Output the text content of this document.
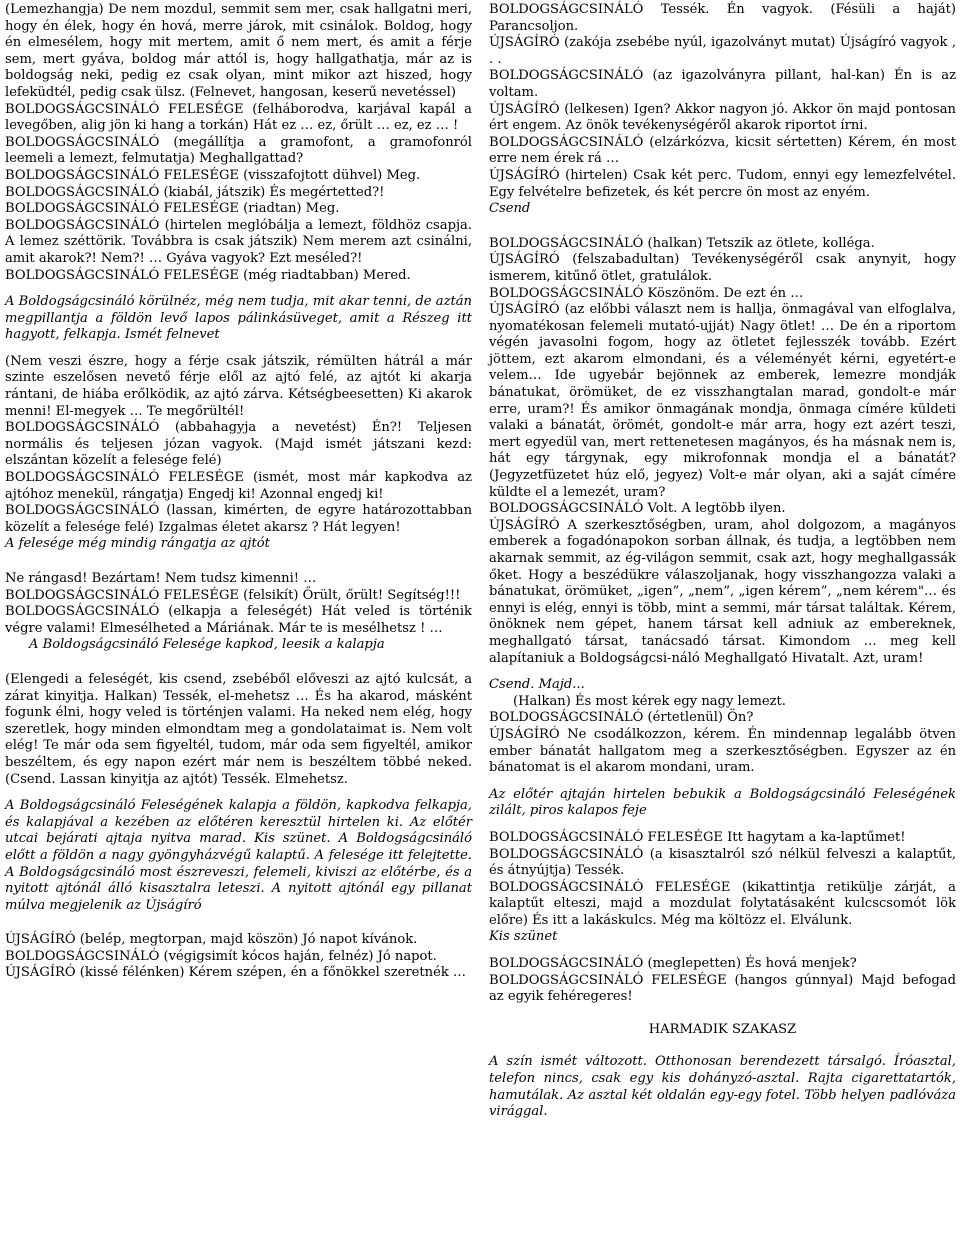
(Lemezhangja) De nem mozdul, semmit sem mer, csak hallgatni meri, hogy én élek, hogy én hová, merre járok, mit csinálok. Boldog, hogy én elmesélem, hogy mit mertem, amit ő nem mert, és amit a férje sem, mert gyáva, boldog már attól is, hogy hallgathatja, már az is boldogság neki, pedig ez csak olyan, mint mikor azt hiszed, hogy lefeküdtél, pedig csak ülsz. (Felnevet, hangosan, keserű nevetéssel)

BOLDOGSÁGCSINÁLÓ FELESÉGE (felháborodva, karjával kapál a levegőben, alig jön ki hang a torkán) Hát ez … ez, őrült … ez, ez … !

BOLDOGSÁGCSINÁLÓ (megállítja a gramofont, a gramofonról leemeli a lemezt, felmutatja) Meghallgattad?

BOLDOGSÁGCSINÁLÓ FELESÉGE (visszafojtott dühvel) Meg.

BOLDOGSÁGCSINÁLÓ (kiabál, játszik) És megértetted?!

BOLDOGSÁGCSINÁLÓ FELESÉGE (riadtan) Meg.

BOLDOGSÁGCSINÁLÓ (hirtelen meglóbálja a lemezt, földhöz csapja. A lemez széttörik. Továbbra is csak játszik) Nem merem azt csinálni, amit akarok?! Nem?! … Gyáva vagyok? Ezt meséled?!

BOLDOGSÁGCSINÁLÓ FELESÉGE (még riadtabban) Mered.

A Boldogságcsináló körülnéz, még nem tudja, mit akar tenni, de aztán megpillantja a földön levő lapos pálinkásüveget, amit a Részeg itt hagyott, felkapja. Ismét felnevet

(Nem veszi észre, hogy a férje csak játszik, rémülten hátrál a már szinte eszelősen nevető férje elől az ajtó felé, az ajtót ki akarja rántani, de hiába erőlködik, az ajtó zárva. Kétségbeesetten) Ki akarok menni! El-megyek … Te megőrültél!

BOLDOGSÁGCSINÁLÓ (abbahagyja a nevetést) Én?! Teljesen normális és teljesen józan vagyok. (Majd ismét játszani kezd: elszántan közelít a felesége felé)

BOLDOGSÁGCSINÁLÓ FELESÉGE (ismét, most már kapkodva az ajtóhoz menekül, rángatja) Engedj ki! Azonnal engedj ki!

BOLDOGSÁGCSINÁLÓ (lassan, kimérten, de egyre határozottabban közelít a felesége felé) Izgalmas életet akarsz ? Hát legyen!

A felesége még mindig rángatja az ajtót

Ne rángasd! Bezártam! Nem tudsz kimenni! …

BOLDOGSÁGCSINÁLÓ FELESÉGE (felsikít) Őrült, őrült! Segítség!!!

BOLDOGSÁGCSINÁLÓ (elkapja a feleségét) Hát veled is történik végre valami! Elmesélheted a Máriának. Már te is mesélhetsz ! …

A Boldogságcsináló Felesége kapkod, leesik a kalapja

(Elengedi a feleségét, kis csend, zsebéből előveszi az ajtó kulcsát, a zárat kinyitja. Halkan) Tessék, el-mehetsz … És ha akarod, másként fogunk élni, hogy veled is történjen valami. Ha neked nem elég, hogy szeretlek, hogy minden elmondtam meg a gondolataimat is. Nem volt elég! Te már oda sem figyeltél, tudom, már oda sem figyeltél, amikor beszéltem, és egy napon ezért már nem is beszéltem többé neked. (Csend. Lassan kinyitja az ajtót) Tessék. Elmehetsz.

A Boldogságcsináló Feleségének kalapja a földön, kapkodva felkapja, és kalapjával a kezében az előtéren keresztül hirtelen ki. Az előtér utcai bejárati ajtaja nyitva marad. Kis szünet. A Boldogságcsináló előtt a földön a nagy gyöngyházvégű kalaptű. A felesége itt felejtette. A Boldogságcsináló most észreveszi, felemeli, kiviszi az előtérbe, és a nyitott ajtónál álló kisasztalra leteszi. A nyitott ajtónál egy pillanat múlva megjelenik az Újságíró

ÚJSÁGÍRÓ (belép, megtorpan, majd köszön) Jó napot kívánok.

BOLDOGSÁGCSINÁLÓ (végigsimít kócos haján, felnéz) Jó napot.

ÚJSÁGÍRÓ (kissé félénken) Kérem szépen, én a főnökkel szeretnék …

BOLDOGSÁGCSINÁLÓ Tessék. Én vagyok. (Fésüli a haját) Parancsoljon.

ÚJSÁGÍRÓ (zakója zsebébe nyúl, igazolványt mutat) Újságíró vagyok , . .

BOLDOGSÁGCSINÁLÓ (az igazolványra pillant, hal-kan) Én is az voltam.

ÚJSÁGÍRÓ (lelkesen) Igen? Akkor nagyon jó. Akkor ön majd pontosan ért engem. Az önök tevékenységéről akarok riportot írni.

BOLDOGSÁGCSINÁLÓ (elzárkózva, kicsit sértetten) Kérem, én most erre nem érek rá …

ÚJSÁGÍRÓ (hirtelen) Csak két perc. Tudom, ennyi egy lemezfelvétel. Egy felvételre befizetek, és két percre ön most az enyém.

Csend

BOLDOGSÁGCSINÁLÓ (halkan) Tetszik az ötlete, kolléga.

ÚJSÁGÍRÓ (felszabadultan) Tevékenységéről csak anynyit, hogy ismerem, kitűnő ötlet, gratulálok.

BOLDOGSÁGCSINÁLÓ Köszönöm. De ezt én …

ÚJSÁGÍRÓ (az előbbi választ nem is hallja, önmagával van elfoglalva, nyomatékosan felemeli mutató-ujját) Nagy ötlet! … De én a riportom végén javasolni fogom, hogy az ötletet fejlesszék tovább. Ezért jöttem, ezt akarom elmondani, és a véleményét kérni, egyetért-e velem… Ide ugyebár bejönnek az emberek, lemezre mondják bánatukat, örömüket, de ez visszhangtalan marad, gondolt-e már erre, uram?! És amikor önmagának mondja, önmaga címére küldeti valaki a bánatát, örömét, gondolt-e már arra, hogy ezt azért teszi, mert egyedül van, mert rettenetesen magányos, és ha másnak nem is, hát egy tárgynak, egy mikrofonnak mondja el a bánatát? (Jegyzetfüzetet húz elő, jegyez) Volt-e már olyan, aki a saját címére küldte el a lemezét, uram?

BOLDOGSÁGCSINÁLÓ Volt. A legtöbb ilyen.

ÚJSÁGÍRÓ A szerkesztőségben, uram, ahol dolgozom, a magányos emberek a fogadónapokon sorban állnak, és tudja, a legtöbben nem akarnak semmit, az ég-világon semmit, csak azt, hogy meghallgassák őket. Hogy a beszédükre válaszoljanak, hogy visszhangozza valaki a bánatukat, örömüket, „igen”, „nem”, „igen kérem”, „nem kérem"… és ennyi is elég, ennyi is több, mint a semmi, már társat találtak. Kérem, önöknek nem gépet, hanem társat kell adniuk az embereknek, meghallgató társat, tanácsadó társat. Kimondom … meg kell alapítaniuk a Boldogságcsi-náló Meghallgató Hivatalt. Azt, uram!

Csend. Majd...

(Halkan) És most kérek egy nagy lemezt.

BOLDOGSÁGCSINÁLÓ (értetlenül) Ön?

ÚJSÁGÍRÓ Ne csodálkozzon, kérem. Én mindennap legalább ötven ember bánatát hallgatom meg a szerkesztőségben. Egyszer az én bánatomat is el akarom mondani, uram.

Az előtér ajtaján hirtelen bebukik a Boldogságcsináló Feleségének zilált, piros kalapos feje

BOLDOGSÁGCSINÁLÓ FELESÉGE Itt hagytam a ka-laptűmet!

BOLDOGSÁGCSINÁLÓ (a kisasztalról szó nélkül felveszi a kalaptűt, és átnyújtja) Tessék.

BOLDOGSÁGCSINÁLÓ FELESÉGE (kikattintja retikülje zárját, a kalaptűt elteszi, majd a mozdulat folytatásaként kulcscsomót lök előre) És itt a lakáskulcs. Még ma költözz el. Elválunk.

Kis szünet

BOLDOGSÁGCSINÁLÓ (meglepetten) És hová menjek?

BOLDOGSÁGCSINÁLÓ FELESÉGE (hangos gúnnyal) Majd befogad az egyik fehéregeres!

HARMADIK SZAKASZ

A szín ismét változott. Otthonosan berendezett társalgó. Íróasztal, telefon nincs, csak egy kis dohányzó-asztal. Rajta cigarettatartók, hamutálak. Az asztal két oldalán egy-egy fotel. Több helyen padlóváza virággal.
